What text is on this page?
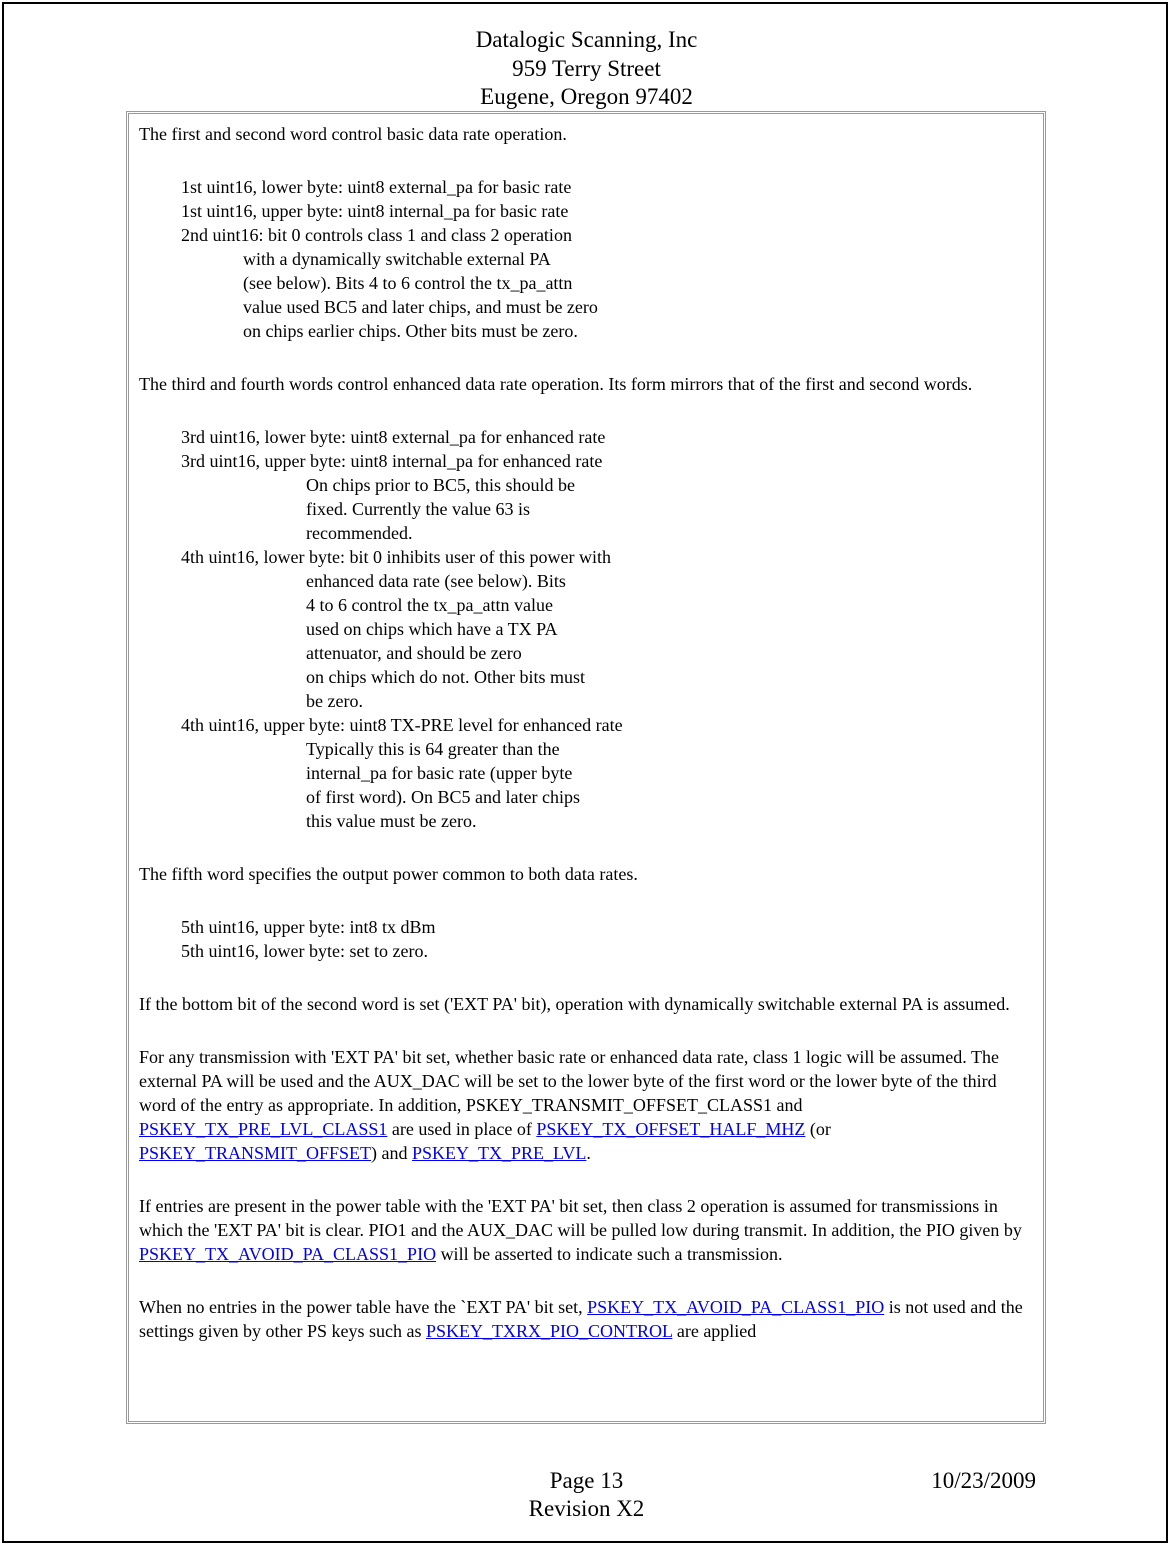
Datalogic Scanning, Inc
959 Terry Street
Eugene, Oregon 97402

The first and second word control basic data rate operation.

1st uint16, lower byte: uint8 external_pa for basic rate

1st uint16, upper byte: uint8 internal_pa for basic rate

2nd uint16: bit 0 controls class 1 and class 2 operation

with a dynamically switchable external PA

(see below). Bits 4 to 6 control the tx_pa_attn

value used BC5 and later chips, and must be zero

on chips earlier chips. Other bits must be zero.

The third and fourth words control enhanced data rate operation. Its form mirrors that of the first and second words.

3rd uint16, lower byte: uint8 external_pa for enhanced rate

3rd uint16, upper byte: uint8 internal_pa for enhanced rate

On chips prior to BC5, this should be

fixed. Currently the value 63 is

recommended.

4th uint16, lower byte: bit 0 inhibits user of this power with

enhanced data rate (see below). Bits

4 to 6 control the tx_pa_attn value

used on chips which have a TX PA

attenuator, and should be zero

on chips which do not. Other bits must

be zero.

4th uint16, upper byte: uint8 TX-PRE level for enhanced rate

Typically this is 64 greater than the

internal_pa for basic rate (upper byte

of first word). On BC5 and later chips

this value must be zero.

The fifth word specifies the output power common to both data rates.

5th uint16, upper byte: int8 tx dBm

5th uint16, lower byte: set to zero.

If the bottom bit of the second word is set ('EXT PA' bit), operation with dynamically switchable external PA is assumed.

For any transmission with 'EXT PA' bit set, whether basic rate or enhanced data rate, class 1 logic will be assumed. The external PA will be used and the AUX_DAC will be set to the lower byte of the first word or the lower byte of the third word of the entry as appropriate. In addition, PSKEY_TRANSMIT_OFFSET_CLASS1 and PSKEY_TX_PRE_LVL_CLASS1 are used in place of PSKEY_TX_OFFSET_HALF_MHZ (or PSKEY_TRANSMIT_OFFSET) and PSKEY_TX_PRE_LVL.

If entries are present in the power table with the 'EXT PA' bit set, then class 2 operation is assumed for transmissions in which the 'EXT PA' bit is clear. PIO1 and the AUX_DAC will be pulled low during transmit. In addition, the PIO given by PSKEY_TX_AVOID_PA_CLASS1_PIO will be asserted to indicate such a transmission.

When no entries in the power table have the `EXT PA' bit set, PSKEY_TX_AVOID_PA_CLASS1_PIO is not used and the settings given by other PS keys such as PSKEY_TXRX_PIO_CONTROL are applied

Page 13
Revision X2
10/23/2009
